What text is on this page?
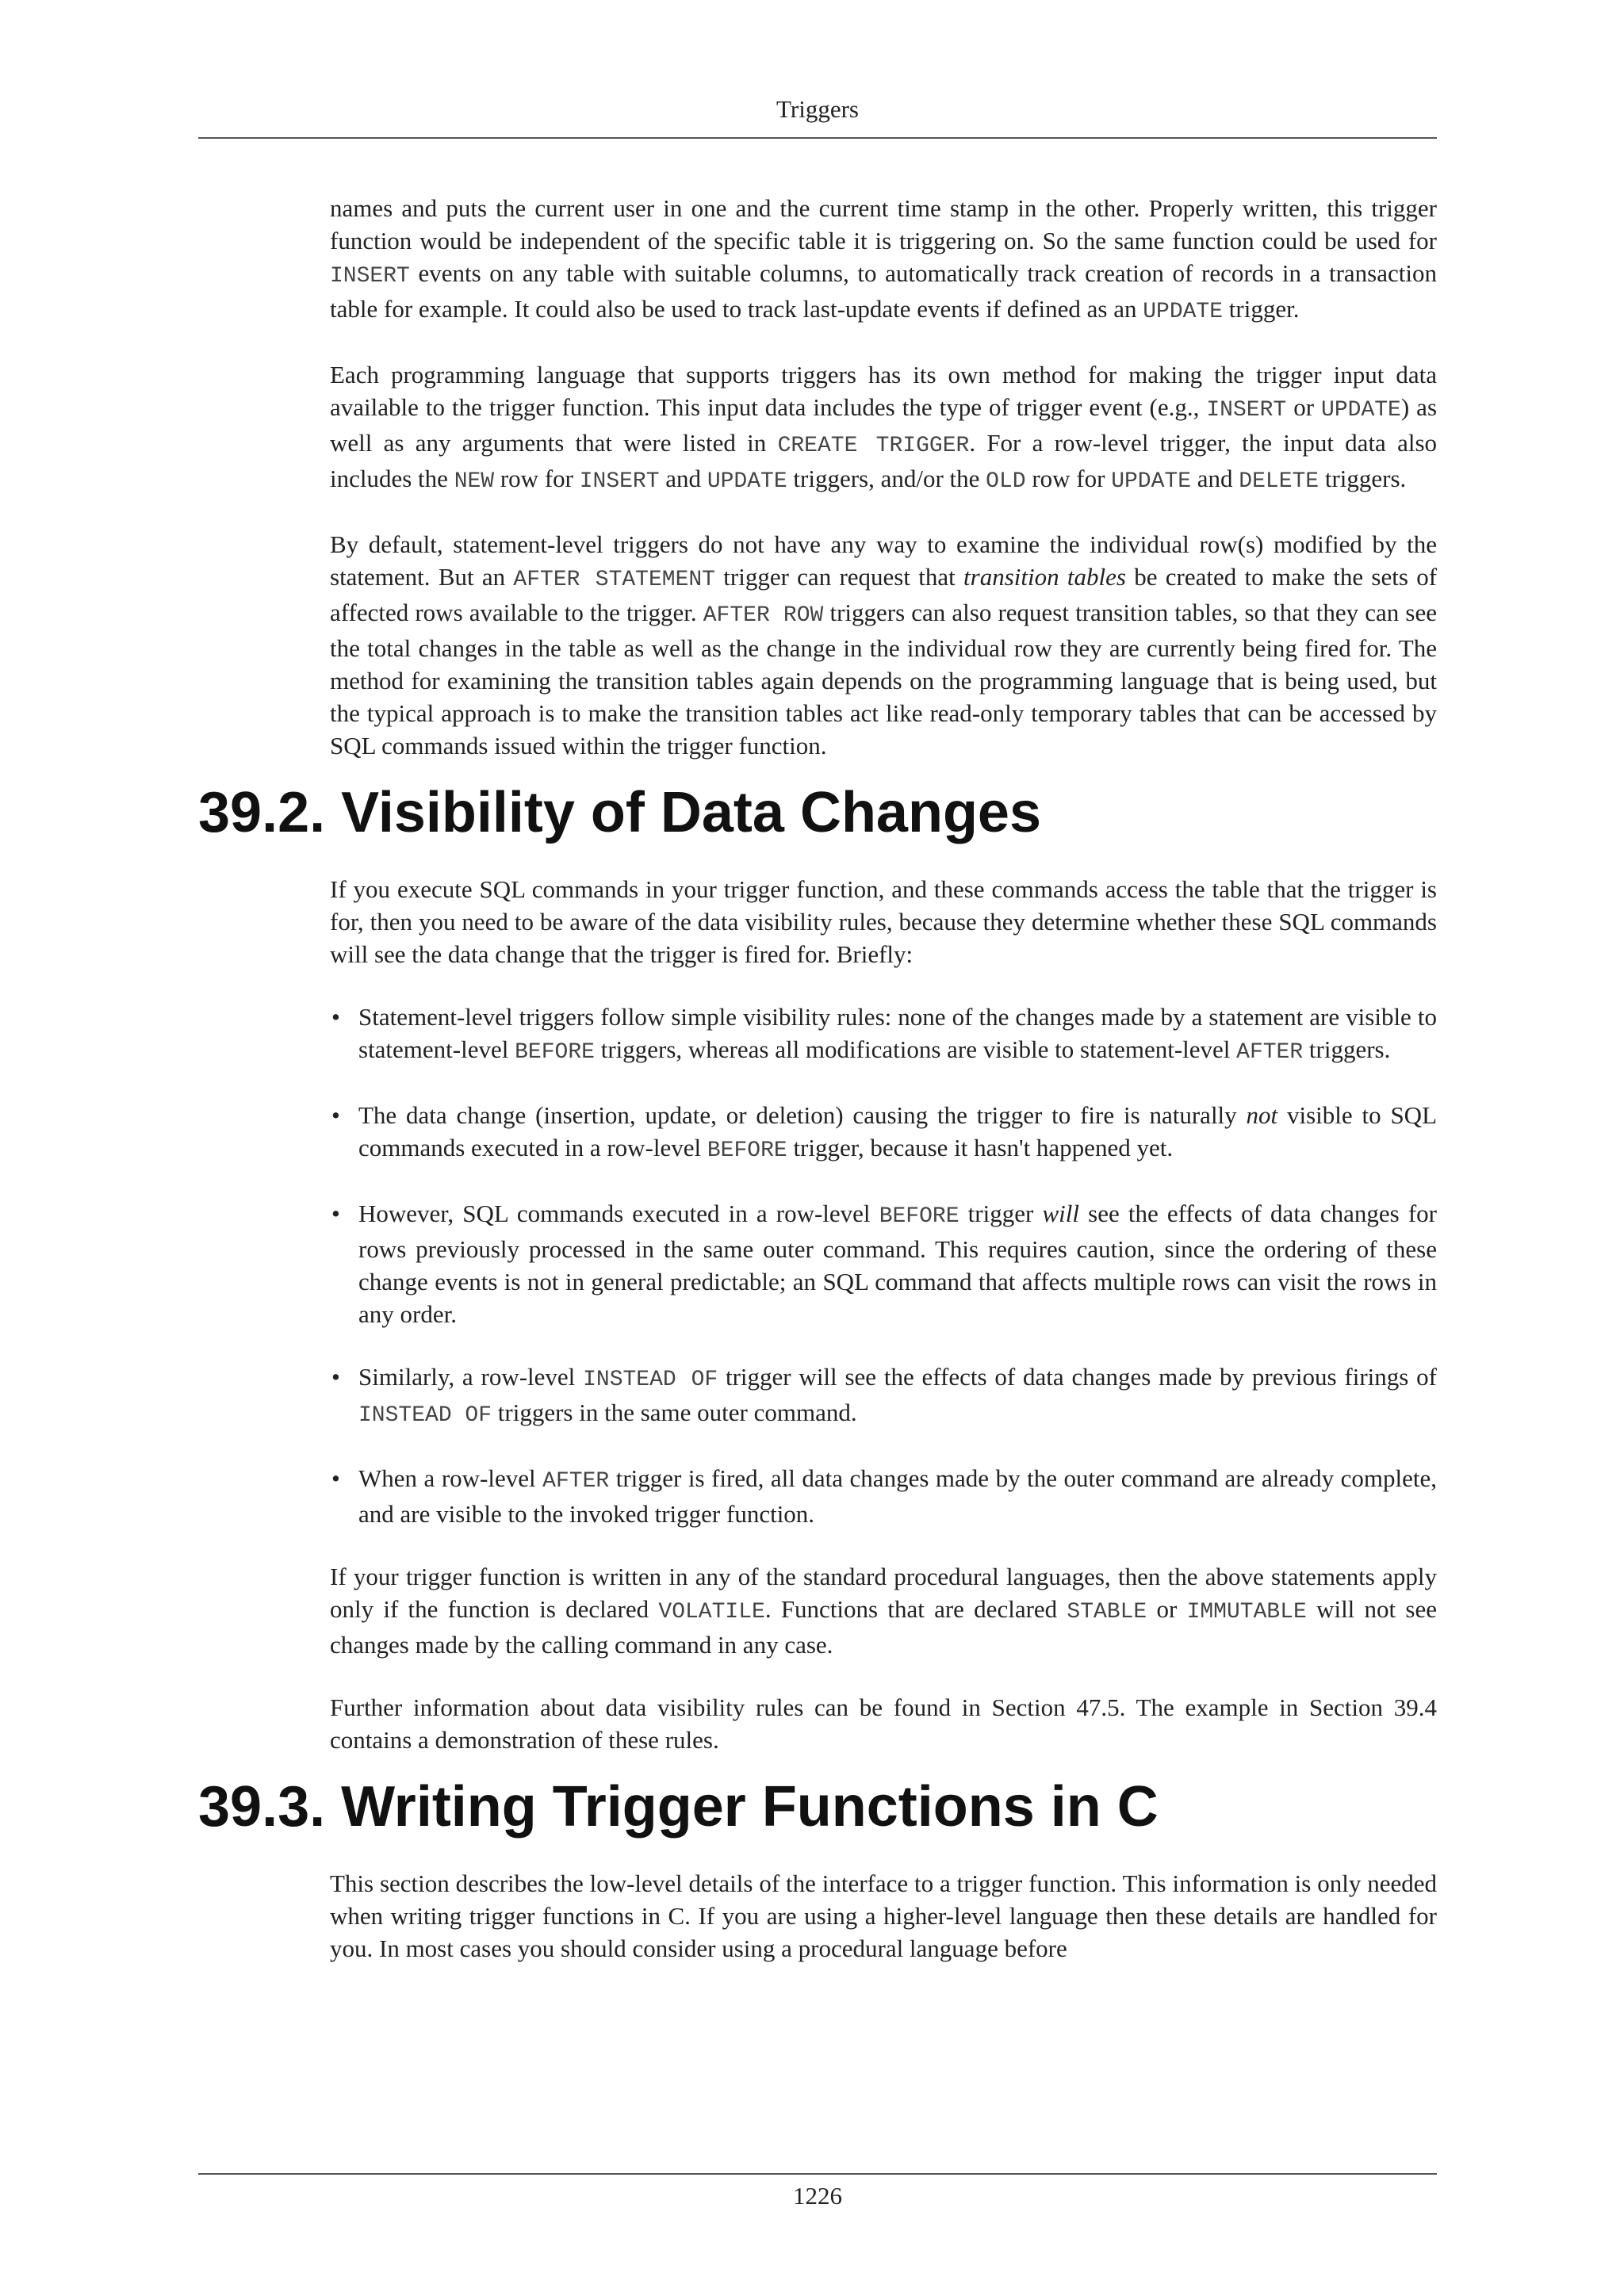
Triggers

names and puts the current user in one and the current time stamp in the other. Properly written, this trigger function would be independent of the specific table it is triggering on. So the same function could be used for INSERT events on any table with suitable columns, to automatically track creation of records in a transaction table for example. It could also be used to track last-update events if defined as an UPDATE trigger.

Each programming language that supports triggers has its own method for making the trigger input data available to the trigger function. This input data includes the type of trigger event (e.g., INSERT or UPDATE) as well as any arguments that were listed in CREATE TRIGGER. For a row-level trigger, the input data also includes the NEW row for INSERT and UPDATE triggers, and/or the OLD row for UPDATE and DELETE triggers.

By default, statement-level triggers do not have any way to examine the individual row(s) modified by the statement. But an AFTER STATEMENT trigger can request that transition tables be created to make the sets of affected rows available to the trigger. AFTER ROW triggers can also request transition tables, so that they can see the total changes in the table as well as the change in the individual row they are currently being fired for. The method for examining the transition tables again depends on the programming language that is being used, but the typical approach is to make the transition tables act like read-only temporary tables that can be accessed by SQL commands issued within the trigger function.

39.2. Visibility of Data Changes

If you execute SQL commands in your trigger function, and these commands access the table that the trigger is for, then you need to be aware of the data visibility rules, because they determine whether these SQL commands will see the data change that the trigger is fired for. Briefly:

• Statement-level triggers follow simple visibility rules: none of the changes made by a statement are visible to statement-level BEFORE triggers, whereas all modifications are visible to statement-level AFTER triggers.
• The data change (insertion, update, or deletion) causing the trigger to fire is naturally not visible to SQL commands executed in a row-level BEFORE trigger, because it hasn't happened yet.
• However, SQL commands executed in a row-level BEFORE trigger will see the effects of data changes for rows previously processed in the same outer command. This requires caution, since the ordering of these change events is not in general predictable; an SQL command that affects multiple rows can visit the rows in any order.
• Similarly, a row-level INSTEAD OF trigger will see the effects of data changes made by previous firings of INSTEAD OF triggers in the same outer command.
• When a row-level AFTER trigger is fired, all data changes made by the outer command are already complete, and are visible to the invoked trigger function.

If your trigger function is written in any of the standard procedural languages, then the above statements apply only if the function is declared VOLATILE. Functions that are declared STABLE or IMMUTABLE will not see changes made by the calling command in any case.

Further information about data visibility rules can be found in Section 47.5. The example in Section 39.4 contains a demonstration of these rules.

39.3. Writing Trigger Functions in C

This section describes the low-level details of the interface to a trigger function. This information is only needed when writing trigger functions in C. If you are using a higher-level language then these details are handled for you. In most cases you should consider using a procedural language before

1226
